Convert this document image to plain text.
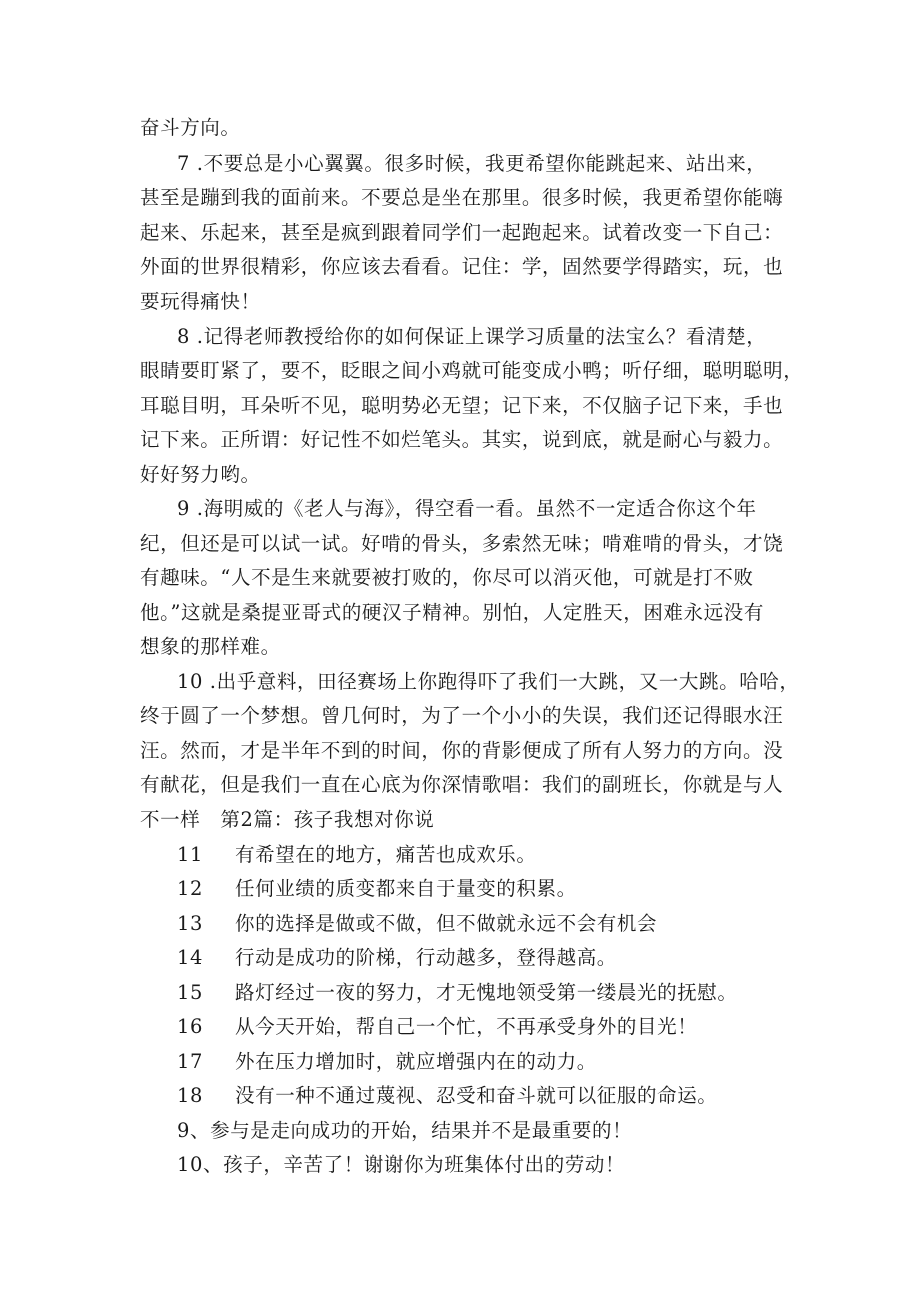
奋斗方向。
7 .不要总是小心翼翼。很多时候，我更希望你能跳起来、站出来，
甚至是蹦到我的面前来。不要总是坐在那里。很多时候，我更希望你能嗨
起来、乐起来，甚至是疯到跟着同学们一起跑起来。试着改变一下自己：
外面的世界很精彩，你应该去看看。记住：学，固然要学得踏实，玩，也
要玩得痛快！
8 .记得老师教授给你的如何保证上课学习质量的法宝么？看清楚，
眼睛要盯紧了，要不，眨眼之间小鸡就可能变成小鸭；听仔细，聪明聪明，
耳聪目明，耳朵听不见，聪明势必无望；记下来，不仅脑子记下来，手也
记下来。正所谓：好记性不如烂笔头。其实，说到底，就是耐心与毅力。
好好努力哟。
9 .海明威的《老人与海》，得空看一看。虽然不一定适合你这个年
纪，但还是可以试一试。好啃的骨头，多索然无味；啃难啃的骨头，才饶
有趣味。“人不是生来就要被打败的，你尽可以消灭他，可就是打不败
他。”这就是桑提亚哥式的硬汉子精神。别怕，人定胜天，困难永远没有
想象的那样难。
10 .出乎意料，田径赛场上你跑得吓了我们一大跳，又一大跳。哈哈，
终于圆了一个梦想。曾几何时，为了一个小小的失误，我们还记得眼水汪
汪。然而，才是半年不到的时间，你的背影便成了所有人努力的方向。没
有献花，但是我们一直在心底为你深情歌唱：我们的副班长，你就是与人
不一样　第2篇：孩子我想对你说
11 有希望在的地方，痛苦也成欢乐。
12 任何业绩的质变都来自于量变的积累。
13 你的选择是做或不做，但不做就永远不会有机会
14 行动是成功的阶梯，行动越多，登得越高。
15 路灯经过一夜的努力，才无愧地领受第一缕晨光的抚慰。
16 从今天开始，帮自己一个忙，不再承受身外的目光！
17 外在压力增加时，就应增强内在的动力。
18 没有一种不通过蔑视、忍受和奋斗就可以征服的命运。
9、参与是走向成功的开始，结果并不是最重要的！
10、孩子，辛苦了！谢谢你为班集体付出的劳动！
